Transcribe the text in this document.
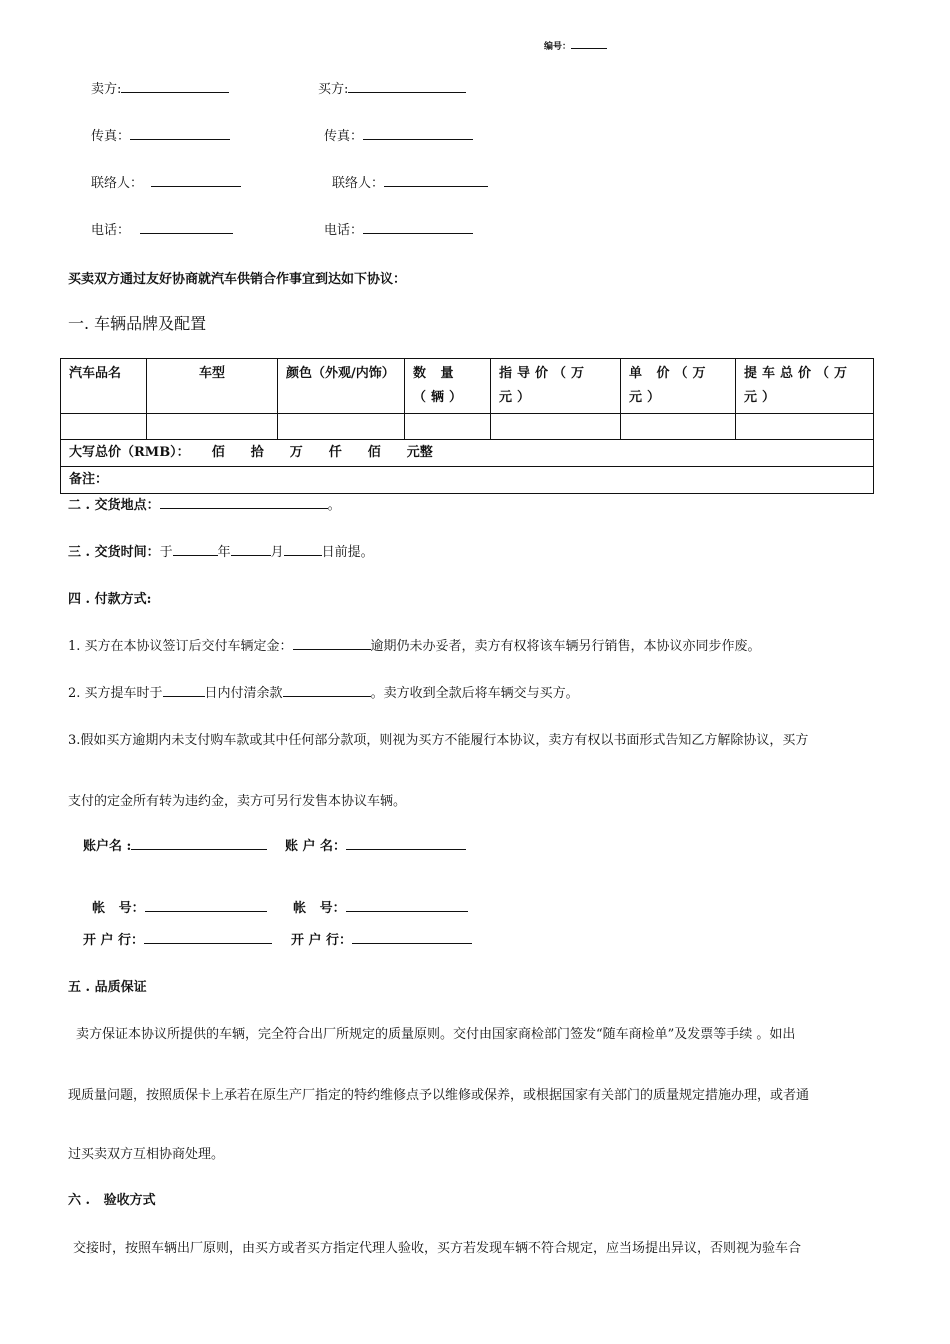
编号：
卖方:	买方:
传真：	传真：
联络人：	联络人：
电话：	电话：
买卖双方通过友好协商就汽车供销合作事宜到达如下协议：
一. 车辆品牌及配置
汽车品名	车型	颜色（外观/内饰）	数 量（辆）	指导价（万元）	单 价（万元）	提车总价（万元）

大写总价（RMB）： 佰 拾 万 仟 佰 元整						
备注：						
二 . 交货地点：	。
三 . 交货时间：于	年	月	日前提。
四 . 付款方式:
1. 买方在本协议签订后交付车辆定金：	逾期仍未办妥者，卖方有权将该车辆另行销售，本协议亦同步作废。
2. 买方提车时于	日内付清余款	。卖方收到全款后将车辆交与买方。
3.假如买方逾期内未支付购车款或其中任何部分款项，则视为买方不能履行本协议，卖方有权以书面形式告知乙方解除协议，买方
支付的定金所有转为违约金，卖方可另行发售本协议车辆。
账户名 :	账 户 名：

帐   号：	帐   号：

开 户 行：	开 户 行：
五 . 品质保证
卖方保证本协议所提供的车辆，完全符合出厂所规定的质量原则。交付由国家商检部门签发“随车商检单”及发票等手续 。如出
现质量问题，按照质保卡上承若在原生产厂指定的特约维修点予以维修或保养，或根据国家有关部门的质量规定措施办理，或者通
过买卖双方互相协商处理。
六 .   验收方式
交接时，按照车辆出厂原则，由买方或者买方指定代理人验收，买方若发现车辆不符合规定，应当场提出异议，否则视为验车合
